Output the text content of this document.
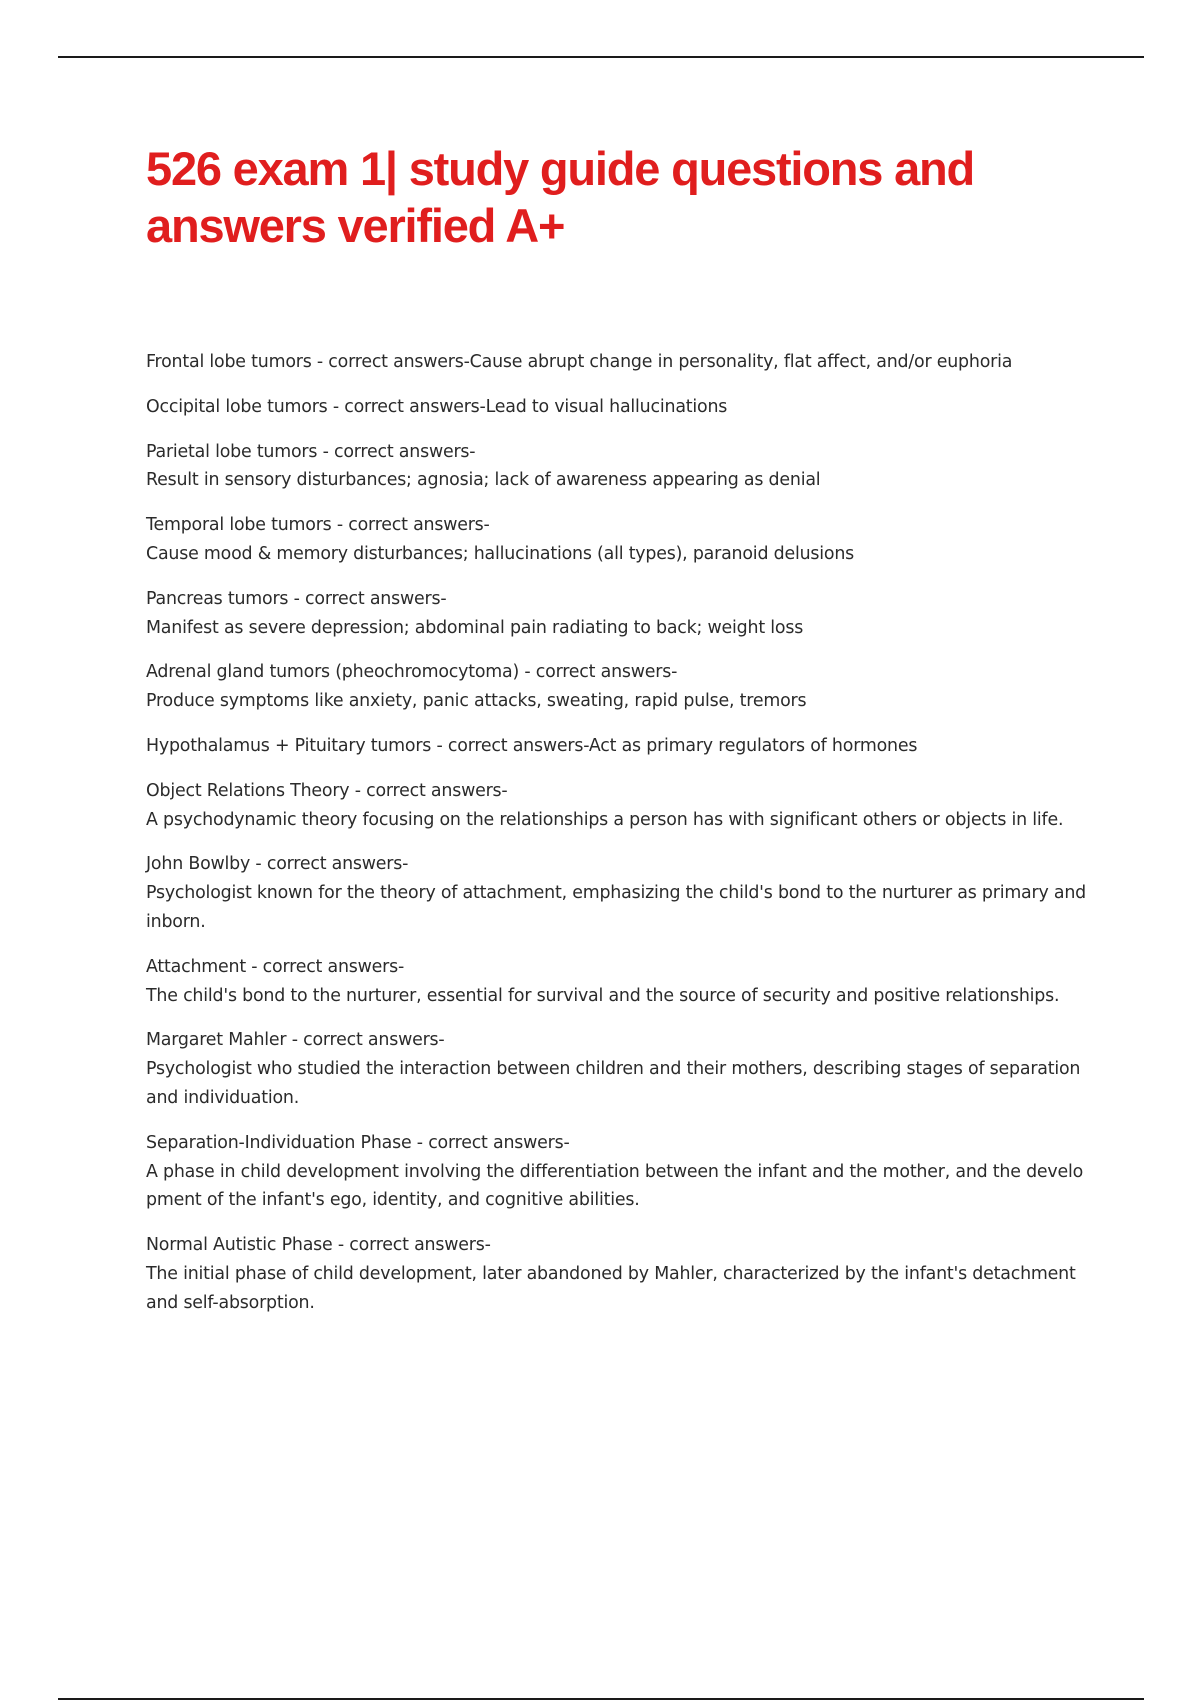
526 exam 1| study guide questions and answers verified A+
Frontal lobe tumors - correct answers-Cause abrupt change in personality, flat affect, and/or euphoria
Occipital lobe tumors - correct answers-Lead to visual hallucinations
Parietal lobe tumors - correct answers-
Result in sensory disturbances; agnosia; lack of awareness appearing as denial
Temporal lobe tumors - correct answers-
Cause mood & memory disturbances; hallucinations (all types), paranoid delusions
Pancreas tumors - correct answers-
Manifest as severe depression; abdominal pain radiating to back; weight loss
Adrenal gland tumors (pheochromocytoma) - correct answers-
Produce symptoms like anxiety, panic attacks, sweating, rapid pulse, tremors
Hypothalamus + Pituitary tumors - correct answers-Act as primary regulators of hormones
Object Relations Theory - correct answers-
A psychodynamic theory focusing on the relationships a person has with significant others or objects in life.
John Bowlby - correct answers-
Psychologist known for the theory of attachment, emphasizing the child's bond to the nurturer as primary and inborn.
Attachment - correct answers-
The child's bond to the nurturer, essential for survival and the source of security and positive relationships.
Margaret Mahler - correct answers-
Psychologist who studied the interaction between children and their mothers, describing stages of separation and individuation.
Separation-Individuation Phase - correct answers-
A phase in child development involving the differentiation between the infant and the mother, and the development of the infant's ego, identity, and cognitive abilities.
Normal Autistic Phase - correct answers-
The initial phase of child development, later abandoned by Mahler, characterized by the infant's detachment and self-absorption.
